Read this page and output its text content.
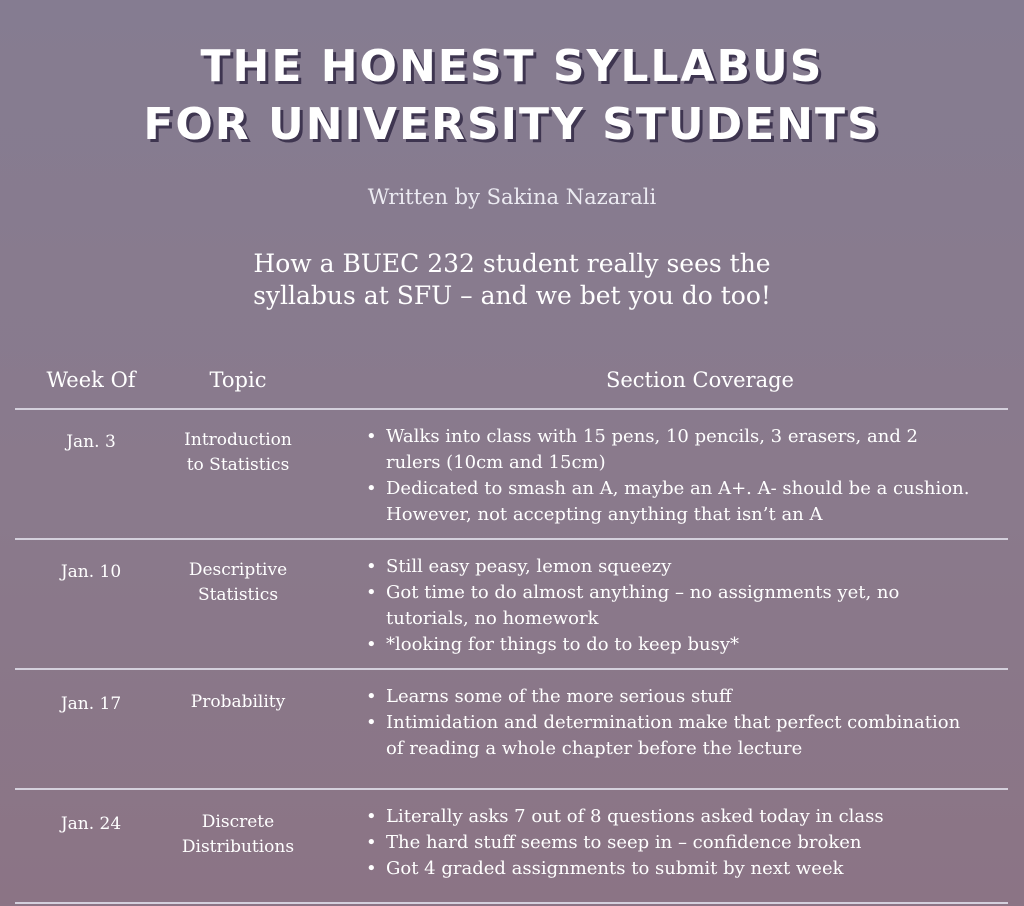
THE HONEST SYLLABUS
FOR UNIVERSITY STUDENTS
Written by Sakina Nazarali
How a BUEC 232 student really sees the
syllabus at SFU – and we bet you do too!
Week Of	Topic	Section Coverage
Jan. 3	Introduction
to Statistics
• Walks into class with 15 pens, 10 pencils, 3 erasers, and 2 rulers (10cm and 15cm)
• Dedicated to smash an A, maybe an A+. A- should be a cushion. However, not accepting anything that isn’t an A
Jan. 10	Descriptive
Statistics
• Still easy peasy, lemon squeezy
• Got time to do almost anything – no assignments yet, no tutorials, no homework
• *looking for things to do to keep busy*
Jan. 17	Probability
•	Learns some of the more serious stuff
• Intimidation and determination make that perfect combination of reading a whole chapter before the lecture
Jan. 24	Discrete
Distributions
• Literally asks 7 out of 8 questions asked today in class
• The hard stuff seems to seep in – confidence broken
• Got 4 graded assignments to submit by next week
